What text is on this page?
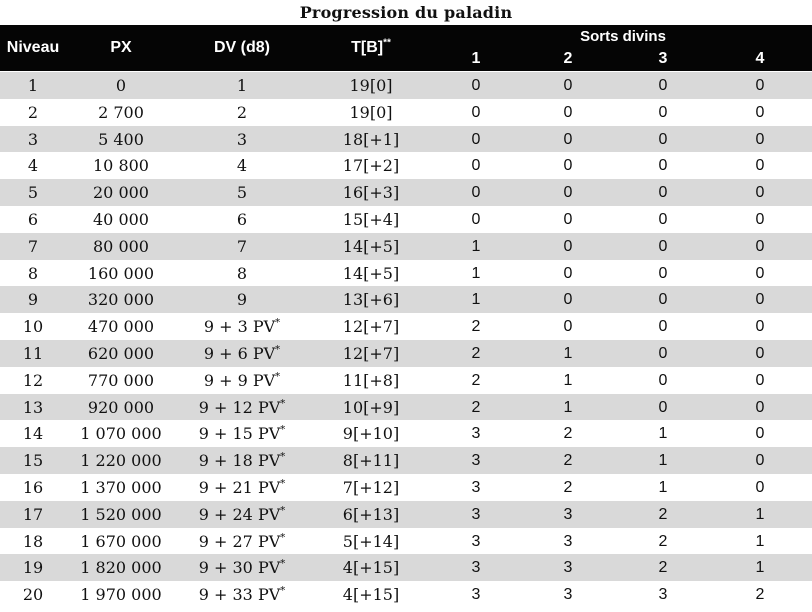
Progression du paladin
Niveau	PX	DV (d8)	T[B]**	Sorts divins
1	2	3	4
1	0	1	19[0]	0	0	0	0
2	2 700	2	19[0]	0	0	0	0
3	5 400	3	18[+1]	0	0	0	0
4	10 800	4	17[+2]	0	0	0	0
5	20 000	5	16[+3]	0	0	0	0
6	40 000	6	15[+4]	0	0	0	0
7	80 000	7	14[+5]	1	0	0	0
8	160 000	8	14[+5]	1	0	0	0
9	320 000	9	13[+6]	1	0	0	0
10	470 000	9 + 3 PV*	12[+7]	2	0	0	0
11	620 000	9 + 6 PV*	12[+7]	2	1	0	0
12	770 000	9 + 9 PV*	11[+8]	2	1	0	0
13	920 000	9 + 12 PV*	10[+9]	2	1	0	0
14	1 070 000	9 + 15 PV*	9[+10]	3	2	1	0
15	1 220 000	9 + 18 PV*	8[+11]	3	2	1	0
16	1 370 000	9 + 21 PV*	7[+12]	3	2	1	0
17	1 520 000	9 + 24 PV*	6[+13]	3	3	2	1
18	1 670 000	9 + 27 PV*	5[+14]	3	3	2	1
19	1 820 000	9 + 30 PV*	4[+15]	3	3	2	1
20	1 970 000	9 + 33 PV*	4[+15]	3	3	3	2
